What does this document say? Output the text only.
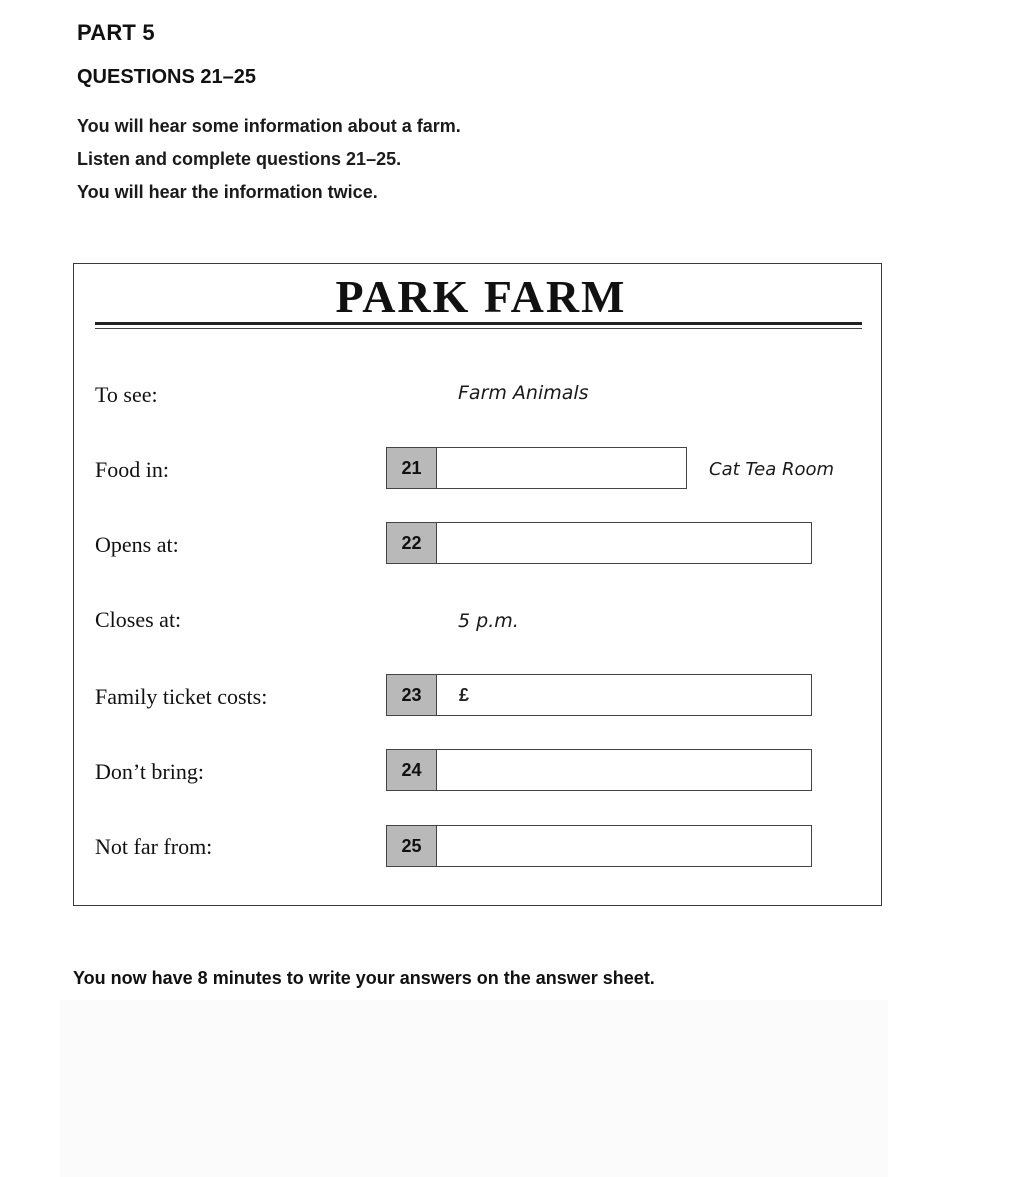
PART 5
QUESTIONS 21–25
You will hear some information about a farm.
Listen and complete questions 21–25.
You will hear the information twice.
PARK FARM
To see:	Farm Animals
Food in:	21	Cat Tea Room
Opens at:	22
Closes at:	5 p.m.
Family ticket costs:	23	£
Don’t bring:	24
Not far from:	25
You now have 8 minutes to write your answers on the answer sheet.
